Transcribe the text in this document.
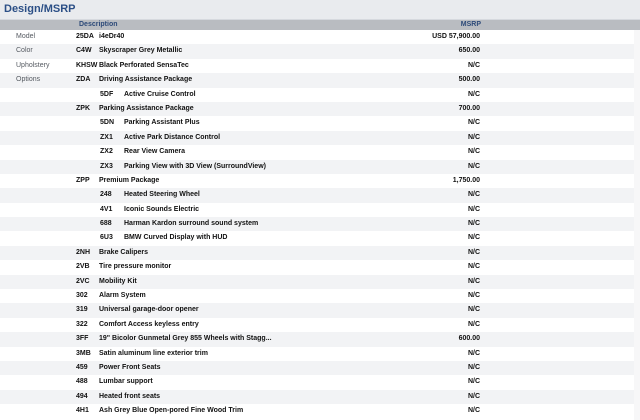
Design/MSRP
Description	MSRP
Model	25DA i4eDr40	USD 57,900.00
Color	C4W Skyscraper Grey Metallic	650.00
Upholstery	KHSW Black Perforated SensaTec	N/C
Options	ZDA Driving Assistance Package	500.00
5DF Active Cruise Control	N/C
ZPK Parking Assistance Package	700.00
5DN Parking Assistant Plus	N/C
ZX1 Active Park Distance Control	N/C
ZX2 Rear View Camera	N/C
ZX3 Parking View with 3D View (SurroundView)	N/C
ZPP Premium Package	1,750.00
248 Heated Steering Wheel	N/C
4V1 Iconic Sounds Electric	N/C
688 Harman Kardon surround sound system	N/C
6U3 BMW Curved Display with HUD	N/C
2NH Brake Calipers	N/C
2VB Tire pressure monitor	N/C
2VC Mobility Kit	N/C
302 Alarm System	N/C
319 Universal garage-door opener	N/C
322 Comfort Access keyless entry	N/C
3FF 19" Bicolor Gunmetal Grey 855 Wheels with Stagg...	600.00
3MB Satin aluminum line exterior trim	N/C
459 Power Front Seats	N/C
488 Lumbar support	N/C
494 Heated front seats	N/C
4H1 Ash Grey Blue Open-pored Fine Wood Trim	N/C
